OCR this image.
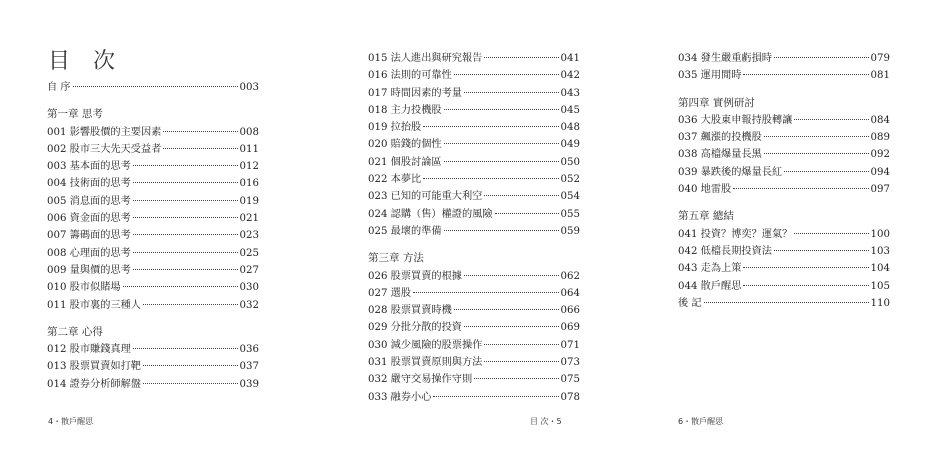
目 次
自 序	003
第一章 思考
001 影響股價的主要因素	008
002 股市三大先天受益者	011
003 基本面的思考	012
004 技術面的思考	016
005 消息面的思考	019
006 資金面的思考	021
007 籌碼面的思考	023
008 心理面的思考	025
009 量與價的思考	027
010 股市似賭場	030
011 股市裏的三種人	032
第二章 心得
012 股市賺錢真理	036
013 股票買賣如打靶	037
014 證券分析師解盤	039
015 法人進出與研究報告	041
016 法則的可靠性	042
017 時間因素的考量	043
018 主力投機股	045
019 拉抬股	048
020 賠錢的個性	049
021 個股討論區	050
022 本夢比	052
023 已知的可能重大利空	054
024 認購（售）權證的風險	055
025 最壞的準備	059
第三章 方法
026 股票買賣的根據	062
027 選股	064
028 股票買賣時機	066
029 分批分散的投資	069
030 減少風險的股票操作	071
031 股票買賣原則與方法	073
032 嚴守交易操作守則	075
033 融券小心	078
034 發生嚴重虧損時	079
035 運用閒時	081
第四章 實例研討
036 大股東申報持股轉讓	084
037 飆漲的投機股	089
038 高檔爆量長黑	092
039 暴跌後的爆量長紅	094
040 地雷股	097
第五章 總結
041 投資？博奕？運氣？	100
042 低檔長期投資法	103
043 走為上策	104
044 散戶醒思	105
後 記	110
4・散戶醒思	目 次・5	6・散戶醒思
